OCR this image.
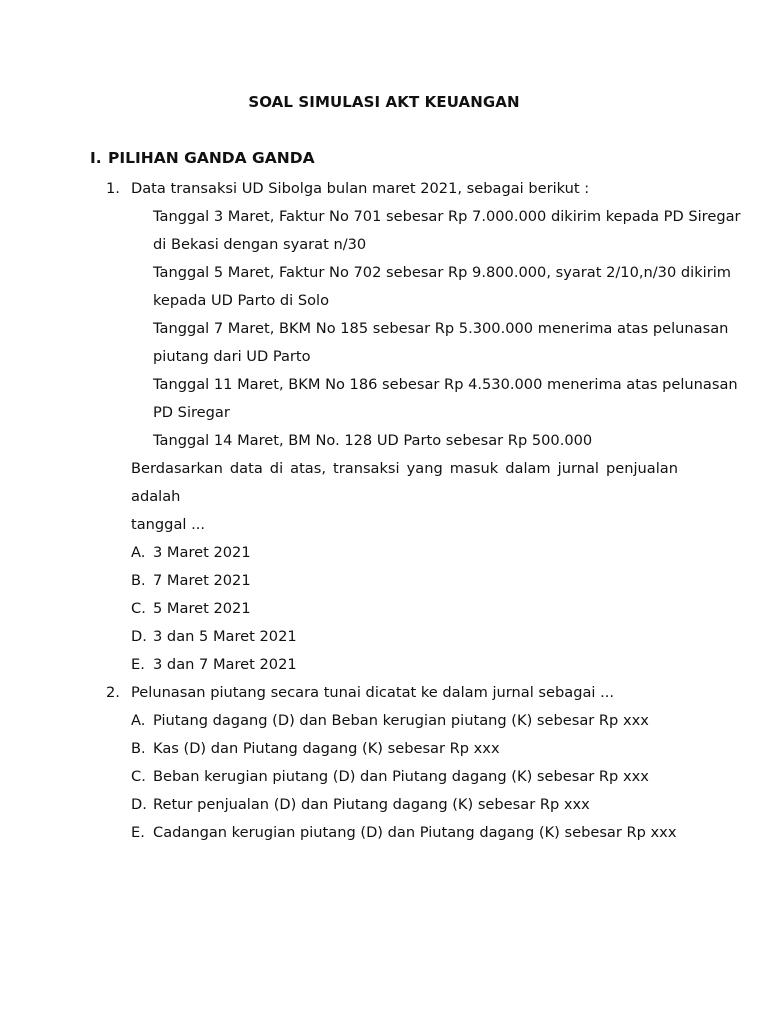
SOAL SIMULASI AKT KEUANGAN
I. PILIHAN GANDA GANDA
1. Data transaksi UD Sibolga bulan maret 2021, sebagai berikut :
Tanggal 3 Maret, Faktur No 701 sebesar Rp 7.000.000 dikirim kepada PD Siregar
di Bekasi dengan syarat n/30
Tanggal 5 Maret, Faktur No 702 sebesar Rp 9.800.000, syarat 2/10,n/30 dikirim
kepada UD Parto di Solo
Tanggal 7 Maret, BKM No 185 sebesar Rp 5.300.000 menerima atas pelunasan
piutang dari UD Parto
Tanggal 11 Maret, BKM No 186 sebesar Rp 4.530.000 menerima atas pelunasan
PD Siregar
Tanggal 14 Maret, BM No. 128 UD Parto sebesar Rp 500.000
Berdasarkan data di atas, transaksi yang masuk dalam jurnal penjualan adalah
tanggal ...
A. 3 Maret 2021
B. 7 Maret 2021
C. 5 Maret 2021
D. 3 dan 5 Maret 2021
E. 3 dan 7 Maret 2021
2. Pelunasan piutang secara tunai dicatat ke dalam jurnal sebagai ...
A. Piutang dagang (D) dan Beban kerugian piutang (K) sebesar Rp xxx
B. Kas (D) dan Piutang dagang (K) sebesar Rp xxx
C. Beban kerugian piutang (D) dan Piutang dagang (K) sebesar Rp xxx
D. Retur penjualan (D) dan Piutang dagang (K) sebesar Rp xxx
E. Cadangan kerugian piutang (D) dan Piutang dagang (K) sebesar Rp xxx
